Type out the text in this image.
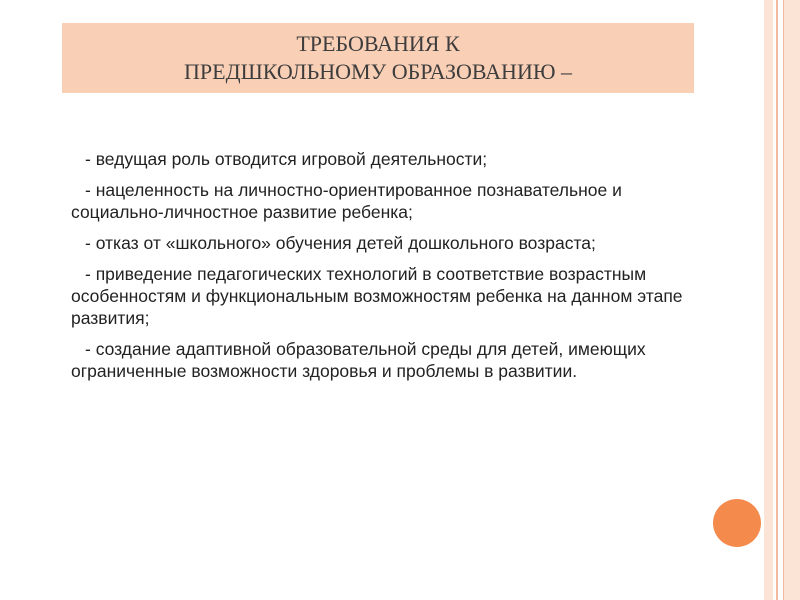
ТРЕБОВАНИЯ К
ПРЕДШКОЛЬНОМУ ОБРАЗОВАНИЮ –

- ведущая роль отводится игровой деятельности;

- нацеленность на личностно-ориентированное познавательное и социально-личностное развитие ребенка;

- отказ от «школьного» обучения детей дошкольного возраста;

- приведение педагогических технологий в соответствие возрастным особенностям и функциональным возможностям ребенка на данном этапе развития;

- создание адаптивной образовательной среды для детей, имеющих ограниченные возможности здоровья и проблемы в развитии.
